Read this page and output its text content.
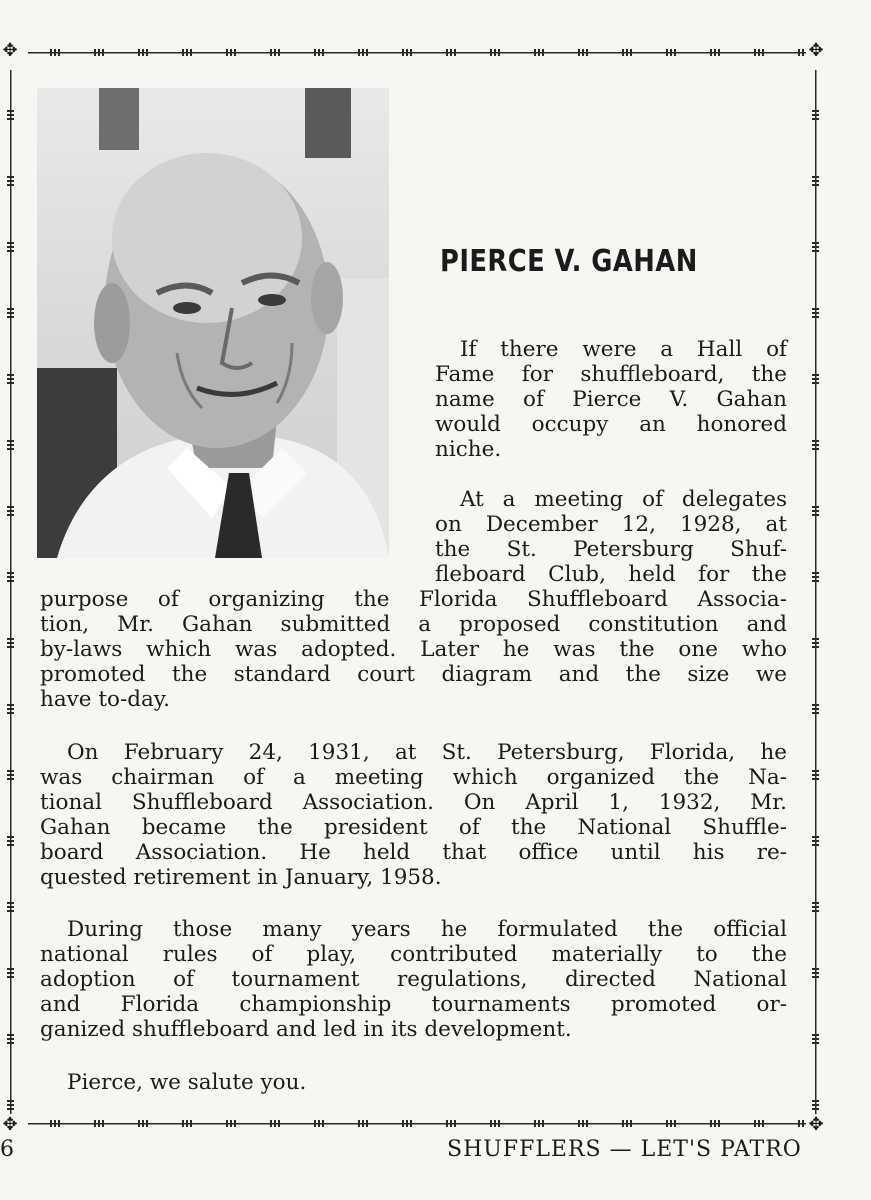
✥	✥
✥	✥
PIERCE V. GAHAN
If there were a Hall of
Fame for shuffleboard, the
name of Pierce V. Gahan
would occupy an honored
niche.
At a meeting of delegates
on December 12, 1928, at
the St. Petersburg Shuf-
fleboard Club, held for the
purpose of organizing the Florida Shuffleboard Associa-
tion, Mr. Gahan submitted a proposed constitution and
by-laws which was adopted. Later he was the one who
promoted the standard court diagram and the size we
have to-day.
On February 24, 1931, at St. Petersburg, Florida, he
was chairman of a meeting which organized the Na-
tional Shuffleboard Association. On April 1, 1932, Mr.
Gahan became the president of the National Shuffle-
board Association. He held that office until his re-
quested retirement in January, 1958.
During those many years he formulated the official
national rules of play, contributed materially to the
adoption of tournament regulations, directed National
and Florida championship tournaments promoted or-
ganized shuffleboard and led in its development.
Pierce, we salute you.
6	SHUFFLERS — LET'S PATRO
